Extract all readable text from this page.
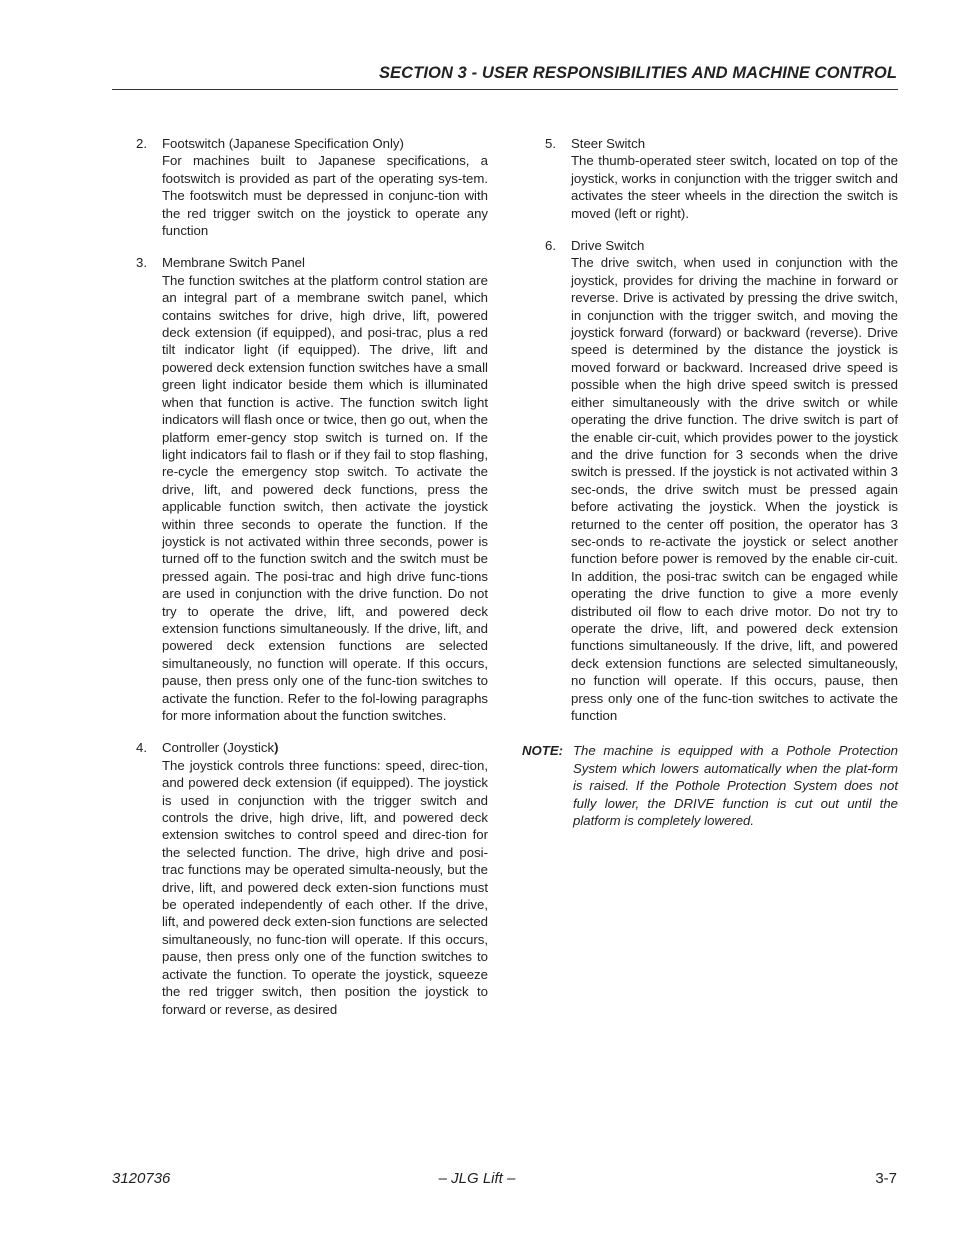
SECTION 3 - USER RESPONSIBILITIES AND MACHINE CONTROL
2. Footswitch (Japanese Specification Only)
For machines built to Japanese specifications, a footswitch is provided as part of the operating sys-tem. The footswitch must be depressed in conjunc-tion with the red trigger switch on the joystick to operate any function
3. Membrane Switch Panel
The function switches at the platform control station are an integral part of a membrane switch panel, which contains switches for drive, high drive, lift, powered deck extension (if equipped), and posi-trac, plus a red tilt indicator light (if equipped). The drive, lift and powered deck extension function switches have a small green light indicator beside them which is illuminated when that function is active. The function switch light indicators will flash once or twice, then go out, when the platform emer-gency stop switch is turned on. If the light indicators fail to flash or if they fail to stop flashing, re-cycle the emergency stop switch. To activate the drive, lift, and powered deck functions, press the applicable function switch, then activate the joystick within three seconds to operate the function. If the joystick is not activated within three seconds, power is turned off to the function switch and the switch must be pressed again. The posi-trac and high drive func-tions are used in conjunction with the drive function. Do not try to operate the drive, lift, and powered deck extension functions simultaneously. If the drive, lift, and powered deck extension functions are selected simultaneously, no function will operate. If this occurs, pause, then press only one of the func-tion switches to activate the function. Refer to the fol-lowing paragraphs for more information about the function switches.
4. Controller (Joystick)
The joystick controls three functions: speed, direc-tion, and powered deck extension (if equipped). The joystick is used in conjunction with the trigger switch and controls the drive, high drive, lift, and powered deck extension switches to control speed and direc-tion for the selected function. The drive, high drive and posi-trac functions may be operated simulta-neously, but the drive, lift, and powered deck exten-sion functions must be operated independently of each other. If the drive, lift, and powered deck exten-sion functions are selected simultaneously, no func-tion will operate. If this occurs, pause, then press only one of the function switches to activate the function. To operate the joystick, squeeze the red trigger switch, then position the joystick to forward or reverse, as desired
5. Steer Switch
The thumb-operated steer switch, located on top of the joystick, works in conjunction with the trigger switch and activates the steer wheels in the direction the switch is moved (left or right).
6. Drive Switch
The drive switch, when used in conjunction with the joystick, provides for driving the machine in forward or reverse. Drive is activated by pressing the drive switch, in conjunction with the trigger switch, and moving the joystick forward (forward) or backward (reverse). Drive speed is determined by the distance the joystick is moved forward or backward. Increased drive speed is possible when the high drive speed switch is pressed either simultaneously with the drive switch or while operating the drive function. The drive switch is part of the enable cir-cuit, which provides power to the joystick and the drive function for 3 seconds when the drive switch is pressed. If the joystick is not activated within 3 sec-onds, the drive switch must be pressed again before activating the joystick. When the joystick is returned to the center off position, the operator has 3 sec-onds to re-activate the joystick or select another function before power is removed by the enable cir-cuit. In addition, the posi-trac switch can be engaged while operating the drive function to give a more evenly distributed oil flow to each drive motor. Do not try to operate the drive, lift, and powered deck extension functions simultaneously. If the drive, lift, and powered deck extension functions are selected simultaneously, no function will operate. If this occurs, pause, then press only one of the func-tion switches to activate the function
NOTE: The machine is equipped with a Pothole Protection System which lowers automatically when the plat-form is raised. If the Pothole Protection System does not fully lower, the DRIVE function is cut out until the platform is completely lowered.
3120736	– JLG Lift –	3-7
